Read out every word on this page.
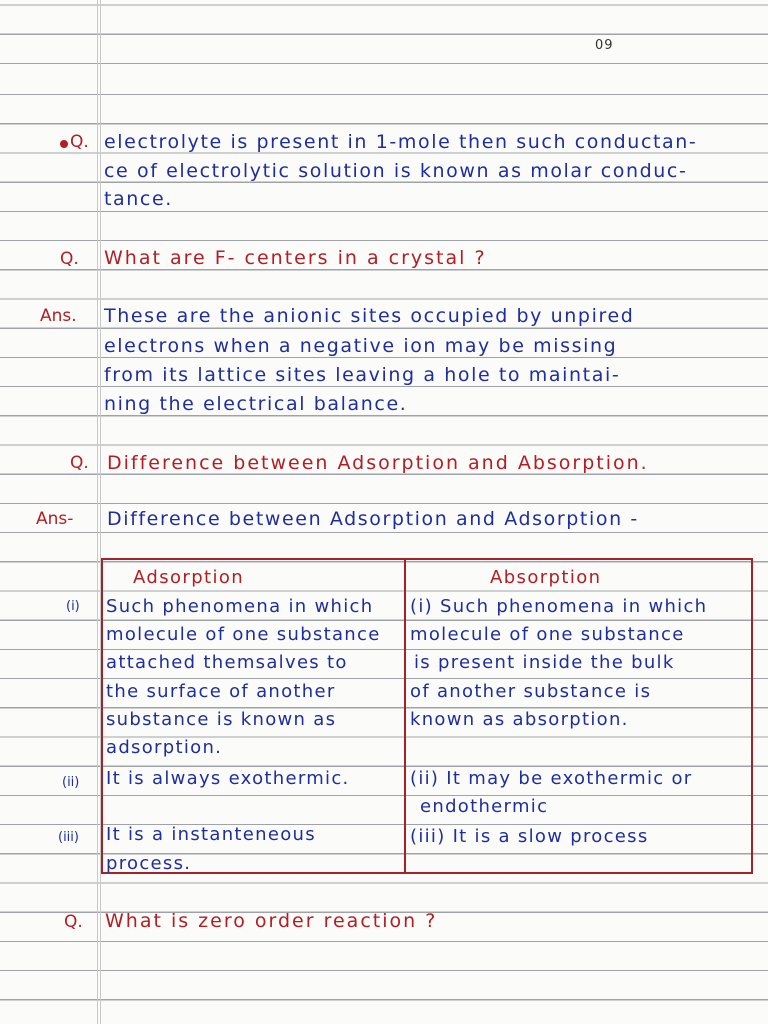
09
Q. electrolyte is present in 1-mole then such conductan-
ce of electrolytic solution is known as molar conduc-
tance.
Q. What are F- centers in a crystal ?
Ans. These are the anionic sites occupied by unpired
electrons when a negative ion may be missing
from its lattice sites leaving a hole to maintai-
ning the electrical balance.
Q. Difference between Adsorption and Absorption.
Ans- Difference between Adsorption and Adsorption -
Adsorption	Absorption
(i) Such phenomena in which
molecule of one substance
attached themsalves to
the surface of another
substance is known as
adsorption.
(i) Such phenomena in which
molecule of one substance
is present inside the bulk
of another substance is
known as absorption.
(ii) It is always exothermic.	(ii) It may be exothermic or
endothermic
(iii) It is a instanteneous
process.
(iii) It is a slow process
Q. What is zero order reaction ?
